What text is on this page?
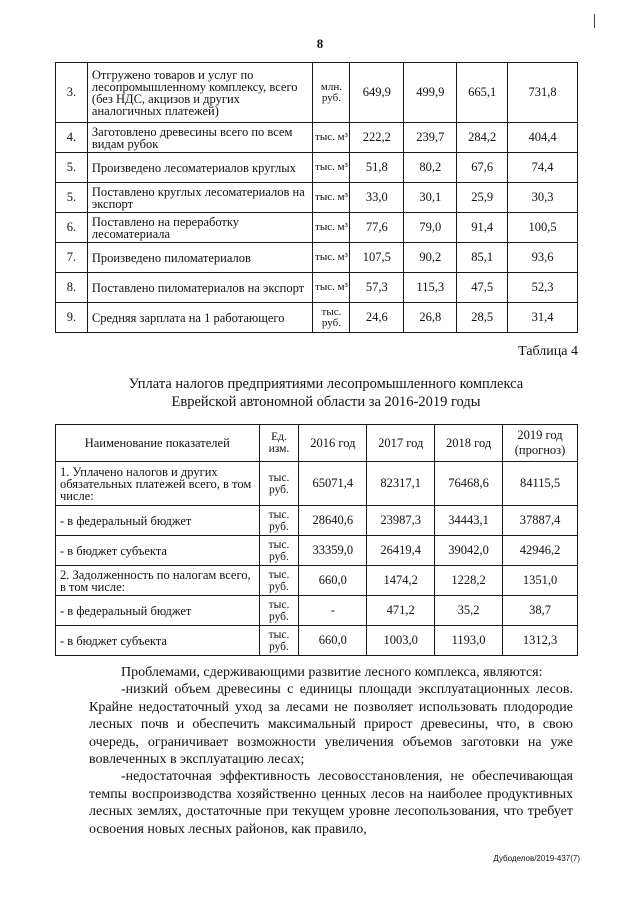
8
3.	Отгружено товаров и услуг по лесопромышленному комплексу, всего (без НДС, акцизов и других аналогичных платежей)	млн. руб.	649,9	499,9	665,1	731,8
4.	Заготовлено древесины всего по всем видам рубок	тыс. м³	222,2	239,7	284,2	404,4
5.	Произведено лесоматериалов круглых	тыс. м³	51,8	80,2	67,6	74,4
5.	Поставлено круглых лесоматериалов на экспорт	тыс. м³	33,0	30,1	25,9	30,3
6.	Поставлено на переработку лесоматериала	тыс. м³	77,6	79,0	91,4	100,5
7.	Произведено пиломатериалов	тыс. м³	107,5	90,2	85,1	93,6
8.	Поставлено пиломатериалов на экспорт	тыс. м³	57,3	115,3	47,5	52,3
9.	Средняя зарплата на 1 работающего	тыс. руб.	24,6	26,8	28,5	31,4
Таблица 4
Уплата налогов предприятиями лесопромышленного комплекса
Еврейской автономной области за 2016-2019 годы
Наименование показателей	Ед. изм.	2016 год	2017 год	2018 год	2019 год (прогноз)
1. Уплачено налогов и других обязательных платежей всего, в том числе:	тыс. руб.	65071,4	82317,1	76468,6	84115,5
- в федеральный бюджет	тыс. руб.	28640,6	23987,3	34443,1	37887,4
- в бюджет субъекта	тыс. руб.	33359,0	26419,4	39042,0	42946,2
2. Задолженность по налогам всего, в том числе:	тыс. руб.	660,0	1474,2	1228,2	1351,0
- в федеральный бюджет	тыс. руб.	-	471,2	35,2	38,7
- в бюджет субъекта	тыс. руб.	660,0	1003,0	1193,0	1312,3

Проблемами, сдерживающими развитие лесного комплекса, являются:

-низкий объем древесины с единицы площади эксплуатационных лесов. Крайне недостаточный уход за лесами не позволяет использовать плодородие лесных почв и обеспечить максимальный прирост древесины, что, в свою очередь, ограничивает возможности увеличения объемов заготовки на уже вовлеченных в эксплуатацию лесах;

-недостаточная эффективность лесовосстановления, не обеспечивающая темпы воспроизводства хозяйственно ценных лесов на наиболее продуктивных лесных землях, достаточные при текущем уровне лесопользования, что требует освоения новых лесных районов, как правило,

Дубоделов/2019-437(7)
